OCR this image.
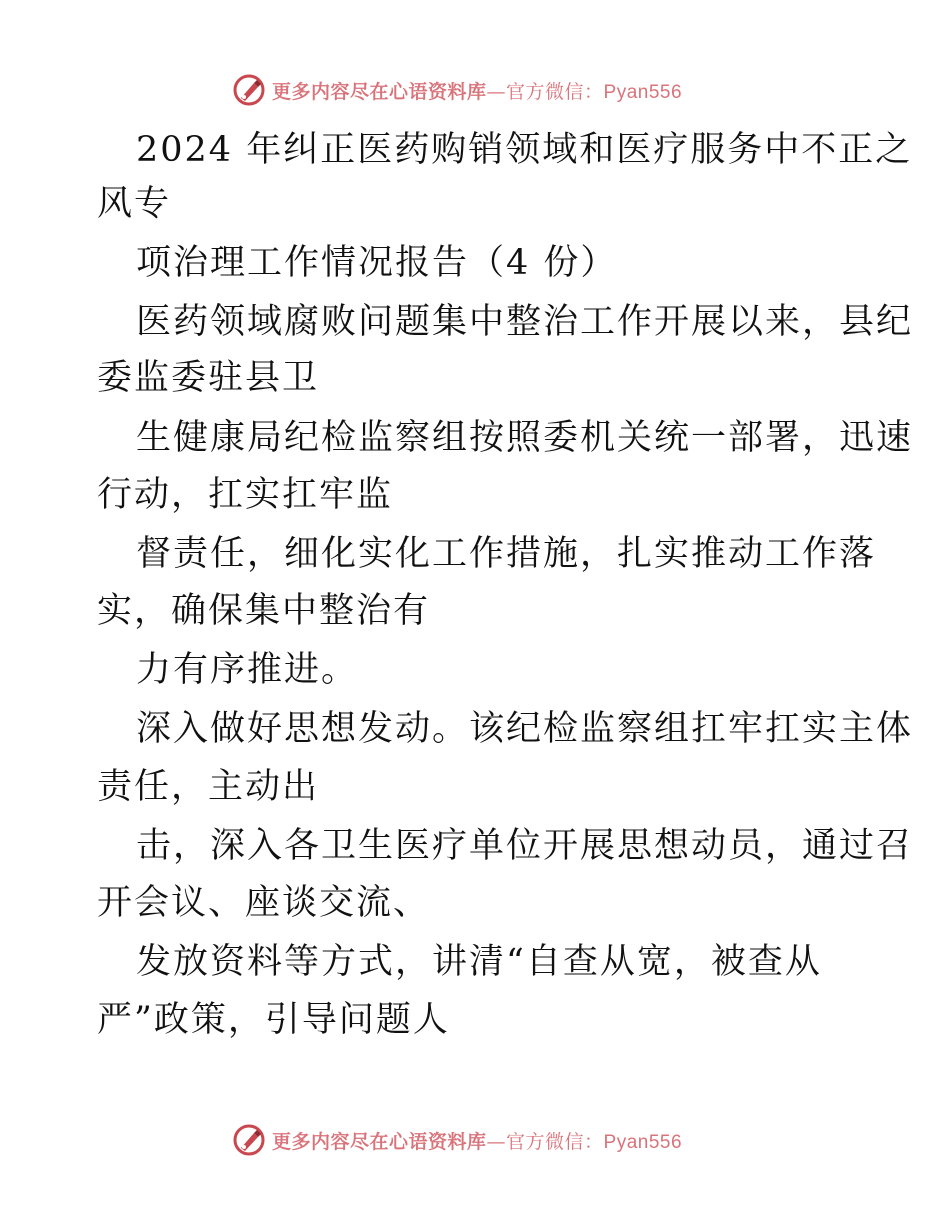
更多内容尽在心语资料库—官方微信：Pyan556
2024 年纠正医药购销领域和医疗服务中不正之
风专
项治理工作情况报告（4 份）
医药领域腐败问题集中整治工作开展以来，县纪
委监委驻县卫
生健康局纪检监察组按照委机关统一部署，迅速
行动，扛实扛牢监
督责任，细化实化工作措施，扎实推动工作落
实，确保集中整治有
力有序推进。
深入做好思想发动。该纪检监察组扛牢扛实主体
责任，主动出
击，深入各卫生医疗单位开展思想动员，通过召
开会议、座谈交流、
发放资料等方式，讲清“自查从宽，被查从
严”政策，引导问题人
更多内容尽在心语资料库—官方微信：Pyan556
